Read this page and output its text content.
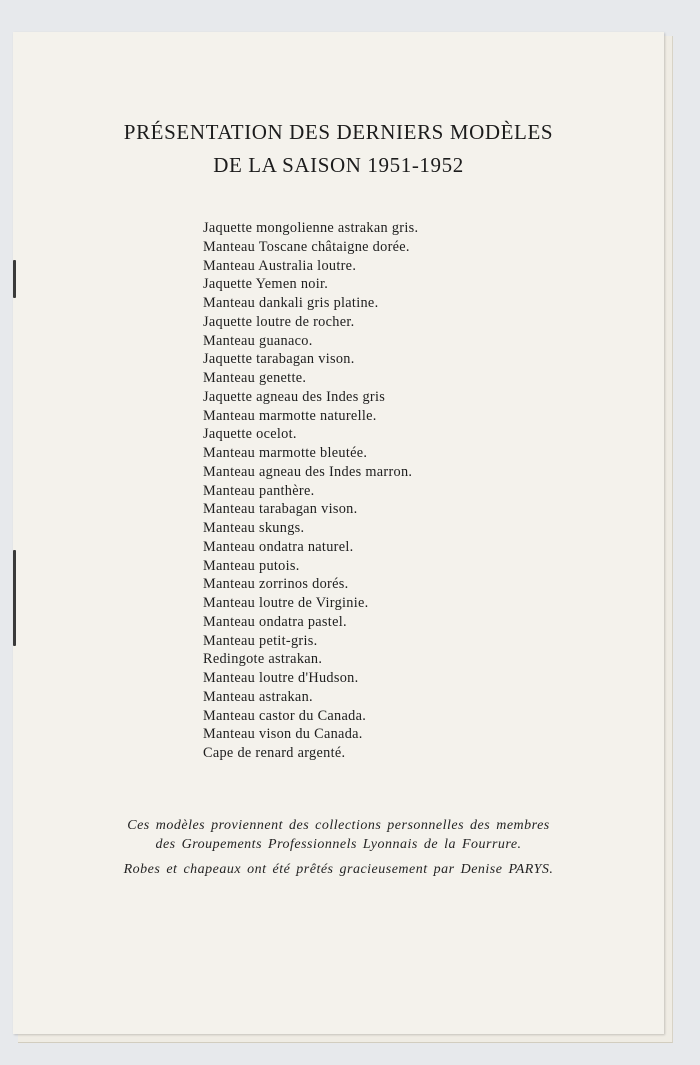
PRÉSENTATION DES DERNIERS MODÈLES
DE LA SAISON 1951-1952
Jaquette mongolienne astrakan gris.
Manteau Toscane châtaigne dorée.
Manteau Australia loutre.
Jaquette Yemen noir.
Manteau dankali gris platine.
Jaquette loutre de rocher.
Manteau guanaco.
Jaquette tarabagan vison.
Manteau genette.
Jaquette agneau des Indes gris
Manteau marmotte naturelle.
Jaquette ocelot.
Manteau marmotte bleutée.
Manteau agneau des Indes marron.
Manteau panthère.
Manteau tarabagan vison.
Manteau skungs.
Manteau ondatra naturel.
Manteau putois.
Manteau zorrinos dorés.
Manteau loutre de Virginie.
Manteau ondatra pastel.
Manteau petit-gris.
Redingote astrakan.
Manteau loutre d'Hudson.
Manteau astrakan.
Manteau castor du Canada.
Manteau vison du Canada.
Cape de renard argenté.

Ces modèles proviennent des collections personnelles des membres

des Groupements Professionnels Lyonnais de la Fourrure.

Robes et chapeaux ont été prêtés gracieusement par Denise PARYS.
